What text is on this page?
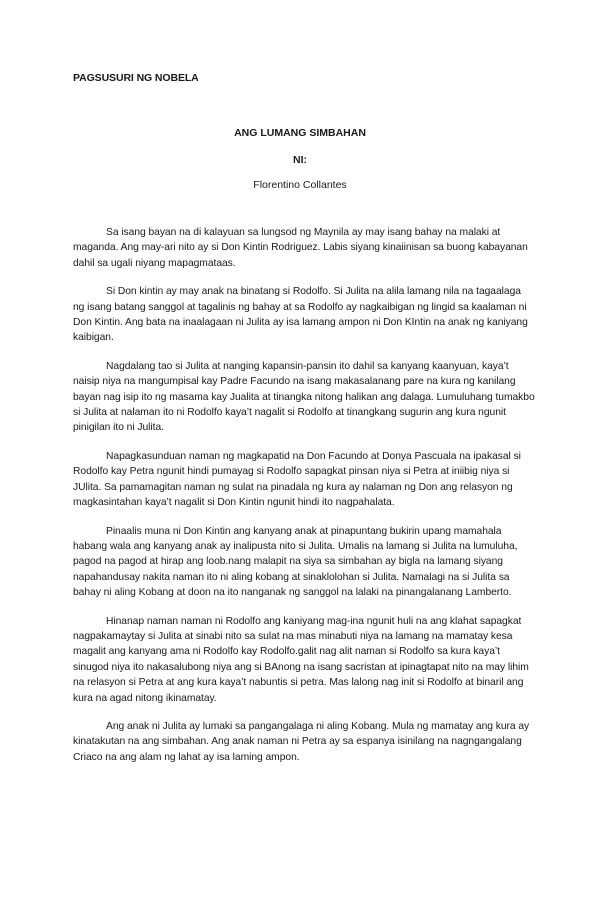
PAGSUSURI NG NOBELA
ANG LUMANG SIMBAHAN
NI:
Florentino Collantes

Sa isang bayan na di kalayuan sa lungsod ng Maynila ay may isang bahay na malaki at maganda. Ang may-ari nito ay si Don Kintin Rodriguez. Labis siyang kinaiinisan sa buong kabayanan dahil sa ugali niyang mapagmataas.

Si Don kintin ay may anak na binatang si Rodolfo. Si Julita na alila lamang nila na tagaalaga ng isang batang sanggol at tagalinis ng bahay at sa Rodolfo ay nagkaibigan ng lingid sa kaalaman ni Don Kintin. Ang bata na inaalagaan ni Julita ay isa lamang ampon ni Don KIntin na anak ng kaniyang kaibigan.

Nagdalang tao si Julita at nanging kapansin-pansin ito dahil sa kanyang kaanyuan, kaya’t naisip niya na mangumpisal kay Padre Facundo na isang makasalanang pare na kura ng kanilang bayan nag isip ito ng masama kay Jualita at tinangka nitong halikan ang dalaga. Lumuluhang tumakbo si Julita at nalaman ito ni Rodolfo kaya’t nagalit si Rodolfo at tinangkang sugurin ang kura ngunit pinigilan ito ni Julita.

Napagkasunduan naman ng magkapatid na Don Facundo at Donya Pascuala na ipakasal si Rodolfo kay Petra ngunit hindi pumayag si Rodolfo sapagkat pinsan niya si Petra at iniibig niya si JUlita. Sa pamamagitan naman ng sulat na pinadala ng kura ay nalaman ng Don ang relasyon ng magkasintahan kaya’t nagalit si Don Kintin ngunit hindi ito nagpahalata.

Pinaalis muna ni Don Kintin ang kanyang anak at pinapuntang bukirin upang mamahala habang wala ang kanyang anak ay inalipusta nito si Julita. Umalis na lamang si Julita na lumuluha, pagod na pagod at hirap ang loob.nang malapit na siya sa simbahan ay bigla na lamang siyang napahandusay nakita naman ito ni aling kobang at sinaklolohan si Julita. Namalagi na si Julita sa bahay ni aling Kobang at doon na ito nanganak ng sanggol na lalaki na pinangalanang Lamberto.

Hinanap naman naman ni Rodolfo ang kaniyang mag-ina ngunit huli na ang klahat sapagkat nagpakamaytay si Julita at sinabi nito sa sulat na mas minabuti niya na lamang na mamatay kesa magalit ang kanyang ama ni Rodolfo kay Rodolfo.galit nag alit naman si Rodolfo sa kura kaya’t sinugod niya ito nakasalubong niya ang si BAnong na isang sacristan at ipinagtapat nito na may lihim na relasyon si Petra at ang kura kaya’t nabuntis si petra. Mas lalong nag init si Rodolfo at binaril ang kura na agad nitong ikinamatay.

Ang anak ni Julita ay lumaki sa pangangalaga ni aling Kobang. Mula ng mamatay ang kura ay kinatakutan na ang simbahan. Ang anak naman ni Petra ay sa espanya isinilang na nagngangalang Criaco na ang alam ng lahat ay isa laming ampon.
